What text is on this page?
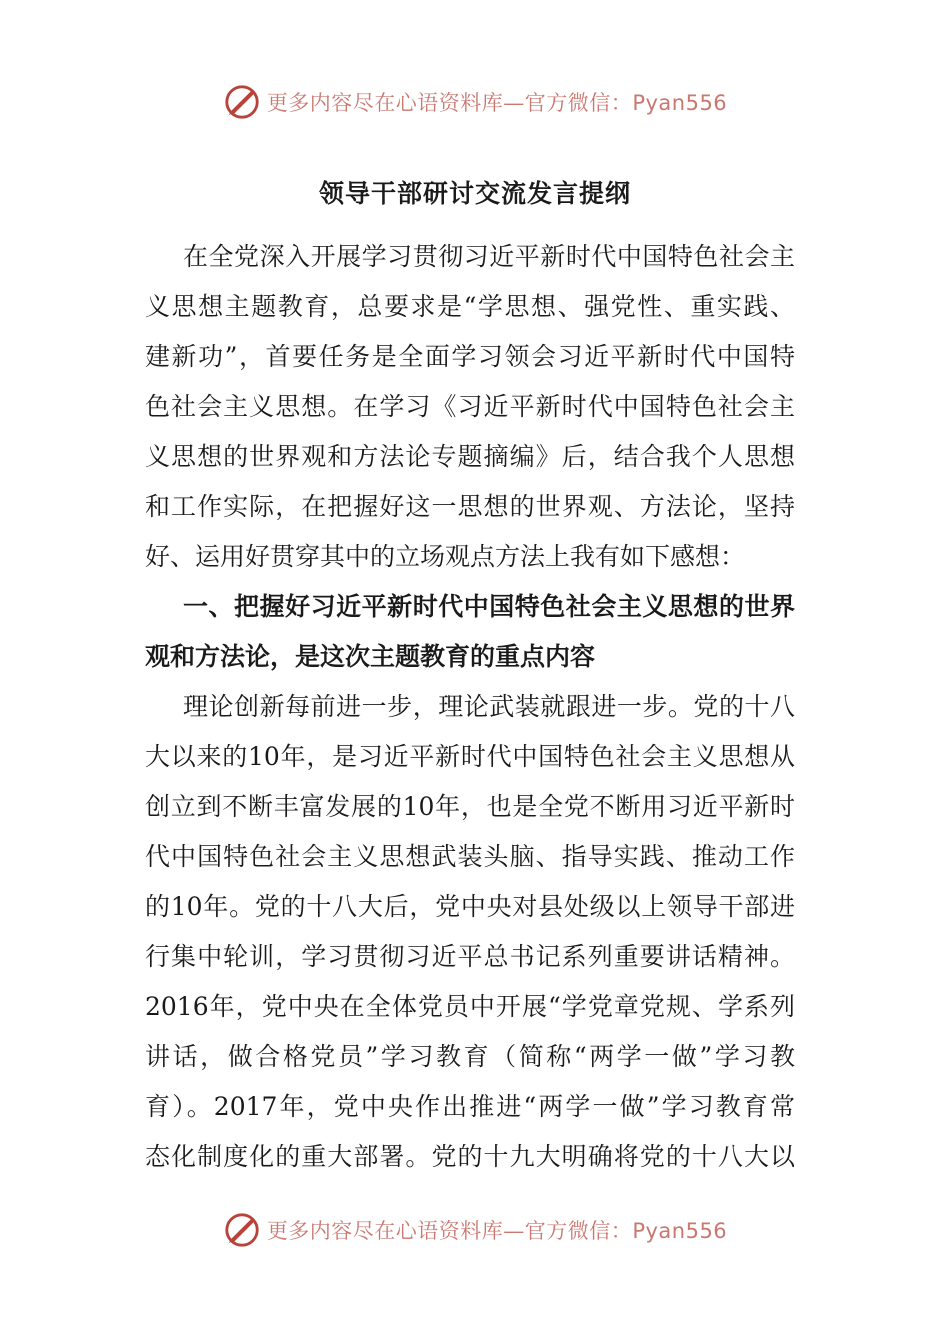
更多内容尽在心语资料库—官方微信：Pyan556
领导干部研讨交流发言提纲
在全党深入开展学习贯彻习近平新时代中国特色社会主
义思想主题教育，总要求是“学思想、强党性、重实践、
建新功”，首要任务是全面学习领会习近平新时代中国特
色社会主义思想。在学习《习近平新时代中国特色社会主
义思想的世界观和方法论专题摘编》后，结合我个人思想
和工作实际，在把握好这一思想的世界观、方法论，坚持
好、运用好贯穿其中的立场观点方法上我有如下感想：
一、把握好习近平新时代中国特色社会主义思想的世界
观和方法论，是这次主题教育的重点内容
理论创新每前进一步，理论武装就跟进一步。党的十八
大以来的10年，是习近平新时代中国特色社会主义思想从
创立到不断丰富发展的10年，也是全党不断用习近平新时
代中国特色社会主义思想武装头脑、指导实践、推动工作
的10年。党的十八大后，党中央对县处级以上领导干部进
行集中轮训，学习贯彻习近平总书记系列重要讲话精神。
2016年，党中央在全体党员中开展“学党章党规、学系列
讲话，做合格党员”学习教育（简称“两学一做”学习教
育）。2017年，党中央作出推进“两学一做”学习教育常
态化制度化的重大部署。党的十九大明确将党的十八大以
更多内容尽在心语资料库—官方微信：Pyan556
